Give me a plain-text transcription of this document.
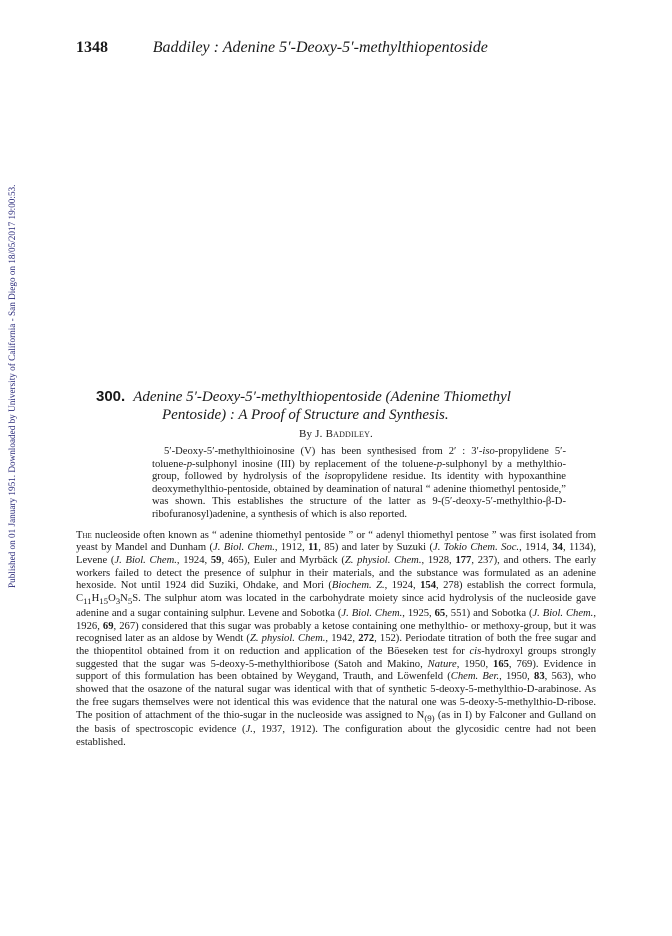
Published on 01 January 1951. Downloaded by University of California - San Diego on 18/05/2017 19:00:53.
1348	Baddiley : Adenine 5′-Deoxy-5′-methylthiopentoside
300. Adenine 5′-Deoxy-5′-methylthiopentoside (Adenine Thiomethyl
Pentoside) : A Proof of Structure and Synthesis.
By J. Baddiley.

5′-Deoxy-5′-methylthioinosine (V) has been synthesised from 2′ : 3′-iso-propylidene 5′-toluene-p-sulphonyl inosine (III) by replacement of the toluene-p-sulphonyl by a methylthio-group, followed by hydrolysis of the isopropylidene residue. Its identity with hypoxanthine deoxymethylthio-pentoside, obtained by deamination of natural “ adenine thiomethyl pentoside,” was shown. This establishes the structure of the latter as 9-(5′-deoxy-5′-methylthio-β-D-ribofuranosyl)adenine, a synthesis of which is also reported.

The nucleoside often known as “ adenine thiomethyl pentoside ” or “ adenyl thiomethyl pentose ” was first isolated from yeast by Mandel and Dunham (J. Biol. Chem., 1912, 11, 85) and later by Suzuki (J. Tokio Chem. Soc., 1914, 34, 1134), Levene (J. Biol. Chem., 1924, 59, 465), Euler and Myrbäck (Z. physiol. Chem., 1928, 177, 237), and others. The early workers failed to detect the presence of sulphur in their materials, and the substance was formulated as an adenine hexoside. Not until 1924 did Suziki, Ohdake, and Mori (Biochem. Z., 1924, 154, 278) establish the correct formula, $C_{11}H_{15}O_3N_5S$. The sulphur atom was located in the carbohydrate moiety since acid hydrolysis of the nucleoside gave adenine and a sugar containing sulphur. Levene and Sobotka (J. Biol. Chem., 1925, 65, 551) and Sobotka (J. Biol. Chem., 1926, 69, 267) considered that this sugar was probably a ketose containing one methylthio- or methoxy-group, but it was recognised later as an aldose by Wendt (Z. physiol. Chem., 1942, 272, 152). Periodate titration of both the free sugar and the thiopentitol obtained from it on reduction and application of the Böeseken test for cis-hydroxyl groups strongly suggested that the sugar was 5-deoxy-5-methylthioribose (Satoh and Makino, Nature, 1950, 165, 769). Evidence in support of this formulation has been obtained by Weygand, Trauth, and Löwenfeld (Chem. Ber., 1950, 83, 563), who showed that the osazone of the natural sugar was identical with that of synthetic 5-deoxy-5-methylthio-D-arabinose. As the free sugars themselves were not identical this was evidence that the natural one was 5-deoxy-5-methylthio-D-ribose. The position of attachment of the thio-sugar in the nucleoside was assigned to $N_{(9)}$ (as in I) by Falconer and Gulland on the basis of spectroscopic evidence (J., 1937, 1912). The configuration about the glycosidic centre had not been established.
